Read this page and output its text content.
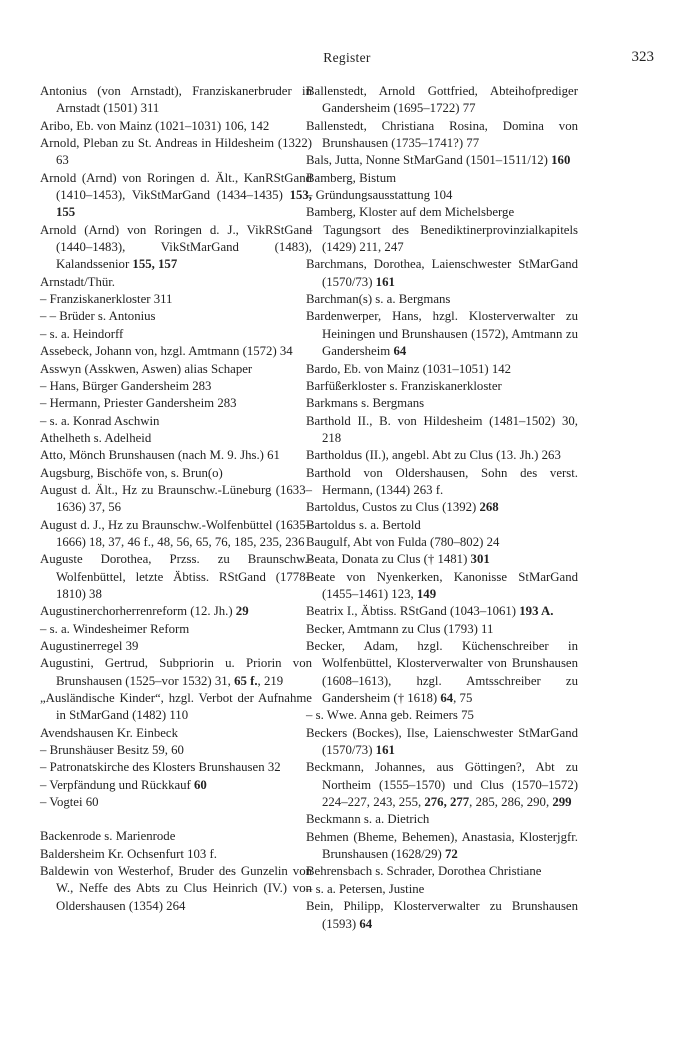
Register	323

Antonius (von Arnstadt), Franziskanerbruder in Arnstadt (1501) 311

Aribo, Eb. von Mainz (1021–1031) 106, 142

Arnold, Pleban zu St. Andreas in Hildesheim (1322) 63

Arnold (Arnd) von Roringen d. Ält., KanRStGand (1410–1453), VikStMarGand (1434–1435) 153, 155

Arnold (Arnd) von Roringen d. J., VikRStGand (1440–1483), VikStMarGand (1483), Kalandssenior 155, 157

Arnstadt/Thür.

– Franziskanerkloster 311

– – Brüder s. Antonius

– s. a. Heindorff

Assebeck, Johann von, hzgl. Amtmann (1572) 34

Asswyn (Asskwen, Aswen) alias Schaper

– Hans, Bürger Gandersheim 283

– Hermann, Priester Gandersheim 283

– s. a. Konrad Aschwin

Athelheth s. Adelheid

Atto, Mönch Brunshausen (nach M. 9. Jhs.) 61

Augsburg, Bischöfe von, s. Brun(o)

August d. Ält., Hz zu Braunschw.-Lüneburg (1633–1636) 37, 56

August d. J., Hz zu Braunschw.-Wolfenbüttel (1635–1666) 18, 37, 46 f., 48, 56, 65, 76, 185, 235, 236

Auguste Dorothea, Przss. zu Braunschw.-Wolfenbüttel, letzte Äbtiss. RStGand (1778–1810) 38

Augustinerchorherrenreform (12. Jh.) 29

– s. a. Windesheimer Reform

Augustinerregel 39

Augustini, Gertrud, Subpriorin u. Priorin von Brunshausen (1525–vor 1532) 31, 65 f., 219

„Ausländische Kinder“, hzgl. Verbot der Aufnahme in StMarGand (1482) 110

Avendshausen Kr. Einbeck

– Brunshäuser Besitz 59, 60

– Patronatskirche des Klosters Brunshausen 32

– Verpfändung und Rückkauf 60

– Vogtei 60

Backenrode s. Marienrode

Baldersheim Kr. Ochsenfurt 103 f.

Baldewin von Westerhof, Bruder des Gunzelin von W., Neffe des Abts zu Clus Heinrich (IV.) von Oldershausen (1354) 264

Ballenstedt, Arnold Gottfried, Abteihofprediger Gandersheim (1695–1722) 77

Ballenstedt, Christiana Rosina, Domina von Brunshausen (1735–1741?) 77

Bals, Jutta, Nonne StMarGand (1501–1511/12) 160

Bamberg, Bistum

– Gründungsausstattung 104

Bamberg, Kloster auf dem Michelsberge

– Tagungsort des Benediktinerprovinzialkapitels (1429) 211, 247

Barchmans, Dorothea, Laienschwester StMarGand (1570/73) 161

Barchman(s) s. a. Bergmans

Bardenwerper, Hans, hzgl. Klosterverwalter zu Heiningen und Brunshausen (1572), Amtmann zu Gandersheim 64

Bardo, Eb. von Mainz (1031–1051) 142

Barfüßerkloster s. Franziskanerkloster

Barkmans s. Bergmans

Barthold II., B. von Hildesheim (1481–1502) 30, 218

Bartholdus (II.), angebl. Abt zu Clus (13. Jh.) 263

Barthold von Oldershausen, Sohn des verst. Hermann, (1344) 263 f.

Bartoldus, Custos zu Clus (1392) 268

Bartoldus s. a. Bertold

Baugulf, Abt von Fulda (780–802) 24

Beata, Donata zu Clus († 1481) 301

Beate von Nyenkerken, Kanonisse StMarGand (1455–1461) 123, 149

Beatrix I., Äbtiss. RStGand (1043–1061) 193 A.

Becker, Amtmann zu Clus (1793) 11

Becker, Adam, hzgl. Küchenschreiber in Wolfenbüttel, Klosterverwalter von Brunshausen (1608–1613), hzgl. Amtsschreiber zu Gandersheim († 1618) 64, 75

– s. Wwe. Anna geb. Reimers 75

Beckers (Bockes), Ilse, Laienschwester StMarGand (1570/73) 161

Beckmann, Johannes, aus Göttingen?, Abt zu Northeim (1555–1570) und Clus (1570–1572) 224–227, 243, 255, 276, 277, 285, 286, 290, 299

Beckmann s. a. Dietrich

Behmen (Bheme, Behemen), Anastasia, Klosterjgfr. Brunshausen (1628/29) 72

Behrensbach s. Schrader, Dorothea Christiane

– s. a. Petersen, Justine

Bein, Philipp, Klosterverwalter zu Brunshausen (1593) 64
